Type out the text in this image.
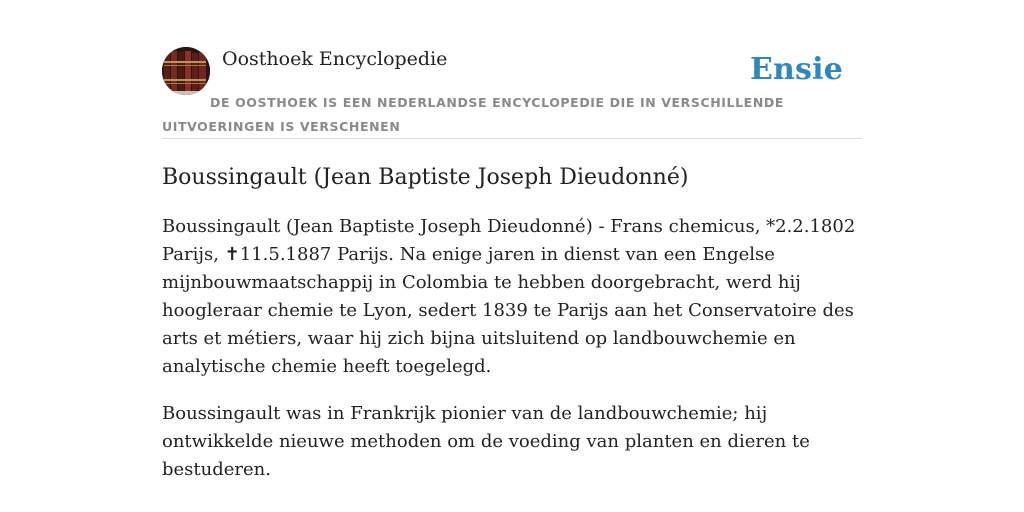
Oosthoek Encyclopedie	Ensie
DE OOSTHOEK IS EEN NEDERLANDSE ENCYCLOPEDIE DIE IN VERSCHILLENDE UITVOERINGEN IS VERSCHENEN
Boussingault (Jean Baptiste Joseph Dieudonné)

Boussingault (Jean Baptiste Joseph Dieudonné) - Frans chemicus, *2.2.1802 Parijs, ✝11.5.1887 Parijs. Na enige jaren in dienst van een Engelse mijnbouwmaatschappij in Colombia te hebben doorgebracht, werd hij hoogleraar chemie te Lyon, sedert 1839 te Parijs aan het Conservatoire des arts et métiers, waar hij zich bijna uitsluitend op landbouwchemie en analytische chemie heeft toegelegd.

Boussingault was in Frankrijk pionier van de landbouwchemie; hij ontwikkelde nieuwe methoden om de voeding van planten en dieren te bestuderen.
